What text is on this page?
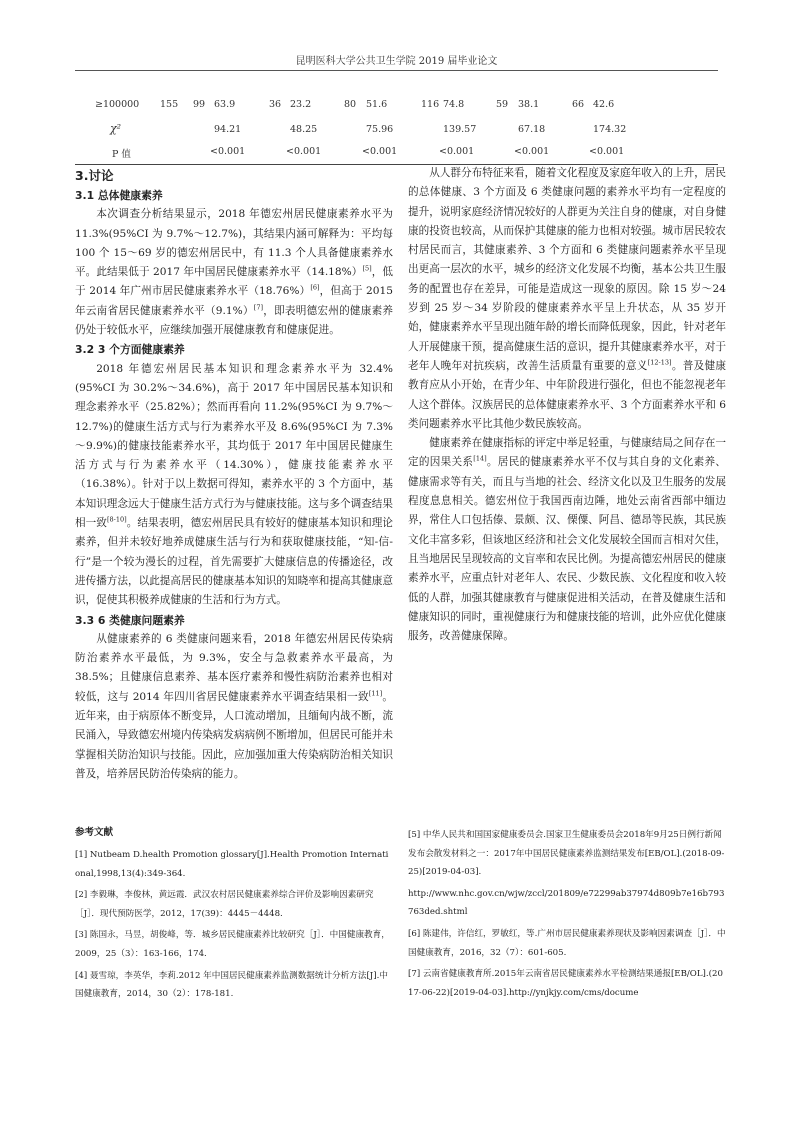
昆明医科大学公共卫生学院 2019 届毕业论文
≥100000 155 99 63.9	36 23.2	80 51.6	116 74.8	59 38.1	66 42.6
χ²	94.21	48.25	75.96	139.57	67.18	174.32
P 值	<0.001	<0.001	<0.001	<0.001	<0.001	<0.001
3.讨论
3.1 总体健康素养

本次调查分析结果显示，2018 年德宏州居民健康素养水平为 11.3%(95%CI 为 9.7%～12.7%)，其结果内涵可解释为：平均每 100 个 15～69 岁的德宏州居民中，有 11.3 个人具备健康素养水平。此结果低于 2017 年中国居民健康素养水平（14.18%）[5]，低于 2014 年广州市居民健康素养水平（18.76%）[6]，但高于 2015 年云南省居民健康素养水平（9.1%）[7]，即表明德宏州的健康素养仍处于较低水平，应继续加强开展健康教育和健康促进。

3.2 3 个方面健康素养

2018 年德宏州居民基本知识和理念素养水平为 32.4%(95%CI 为 30.2%～34.6%)，高于 2017 年中国居民基本知识和理念素养水平（25.82%）；然而再看向 11.2%(95%CI 为 9.7%～12.7%)的健康生活方式与行为素养水平及 8.6%(95%CI 为 7.3%～9.9%)的健康技能素养水平，其均低于 2017 年中国居民健康生活方式与行为素养水平（14.30%），健康技能素养水平（16.38%）。针对于以上数据可得知，素养水平的 3 个方面中，基本知识理念远大于健康生活方式行为与健康技能。这与多个调查结果相一致[8-10]。结果表明，德宏州居民具有较好的健康基本知识和理论素养，但并未较好地养成健康生活与行为和获取健康技能，“知-信-行”是一个较为漫长的过程，首先需要扩大健康信息的传播途径，改进传播方法，以此提高居民的健康基本知识的知晓率和提高其健康意识，促使其积极养成健康的生活和行为方式。

3.3 6 类健康问题素养

从健康素养的 6 类健康问题来看，2018 年德宏州居民传染病防治素养水平最低，为 9.3%，安全与急救素养水平最高，为 38.5%；且健康信息素养、基本医疗素养和慢性病防治素养也相对较低，这与 2014 年四川省居民健康素养水平调查结果相一致[11]。近年来，由于病原体不断变异，人口流动增加，且缅甸内战不断，流民涌入，导致德宏州境内传染病发病病例不断增加，但居民可能并未掌握相关防治知识与技能。因此，应加强加重大传染病防治相关知识普及，培养居民防治传染病的能力。

从人群分布特征来看，随着文化程度及家庭年收入的上升，居民的总体健康、3 个方面及 6 类健康问题的素养水平均有一定程度的提升，说明家庭经济情况较好的人群更为关注自身的健康，对自身健康的投资也较高，从而保护其健康的能力也相对较强。城市居民较农村居民而言，其健康素养、3 个方面和 6 类健康问题素养水平呈现出更高一层次的水平，城乡的经济文化发展不均衡，基本公共卫生服务的配置也存在差异，可能是造成这一现象的原因。除 15 岁～24 岁到 25 岁～34 岁阶段的健康素养水平呈上升状态，从 35 岁开始，健康素养水平呈现出随年龄的增长而降低现象，因此，针对老年人开展健康干预，提高健康生活的意识，提升其健康素养水平，对于老年人晚年对抗疾病，改善生活质量有重要的意义[12-13]。普及健康教育应从小开始，在青少年、中年阶段进行强化，但也不能忽视老年人这个群体。汉族居民的总体健康素养水平、3 个方面素养水平和 6 类问题素养水平比其他少数民族较高。

健康素养在健康指标的评定中举足轻重，与健康结局之间存在一定的因果关系[14]。居民的健康素养水平不仅与其自身的文化素养、健康需求等有关，而且与当地的社会、经济文化以及卫生服务的发展程度息息相关。德宏州位于我国西南边陲，地处云南省西部中缅边界，常住人口包括傣、景颇、汉、傈僳、阿昌、德昂等民族，其民族文化丰富多彩，但该地区经济和社会文化发展较全国而言相对欠佳，且当地居民呈现较高的文盲率和农民比例。为提高德宏州居民的健康素养水平，应重点针对老年人、农民、少数民族、文化程度和收入较低的人群，加强其健康教育与健康促进相关活动，在普及健康生活和健康知识的同时，重视健康行为和健康技能的培训，此外应优化健康服务，改善健康保障。

参考文献
[1] Nutbeam D.health Promotion glossary[J].Health Promotion International,1998,13(4):349-364.
[2] 李毅琳，李俊林，黄远霞．武汉农村居民健康素养综合评价及影响因素研究［J］．现代预防医学，2012，17(39)：4445－4448.
[3] 陈国永，马昱，胡俊峰，等．城乡居民健康素养比较研究［J］．中国健康教育，2009，25（3）：163-166，174.
[4] 聂雪琼，李英华，李莉.2012 年中国居民健康素养监测数据统计分析方法[J].中国健康教育，2014，30（2）：178-181.
[5] 中华人民共和国国家健康委员会.国家卫生健康委员会2018年9月25日例行新闻发布会散发材料之一：2017年中国居民健康素养监测结果发布[EB/OL].(2018-09-25)[2019-04-03].
http://www.nhc.gov.cn/wjw/zccl/201809/e72299ab37974d809b7e16b793763ded.shtml
[6] 陈建伟，许信红，罗敏红，等.广州市居民健康素养现状及影响因素调查［J］．中国健康教育，2016，32（7）：601-605.
[7] 云南省健康教育所.2015年云南省居民健康素养水平检测结果通报[EB/OL].(2017-06-22)[2019-04-03].http://ynjkjy.com/cms/docume
